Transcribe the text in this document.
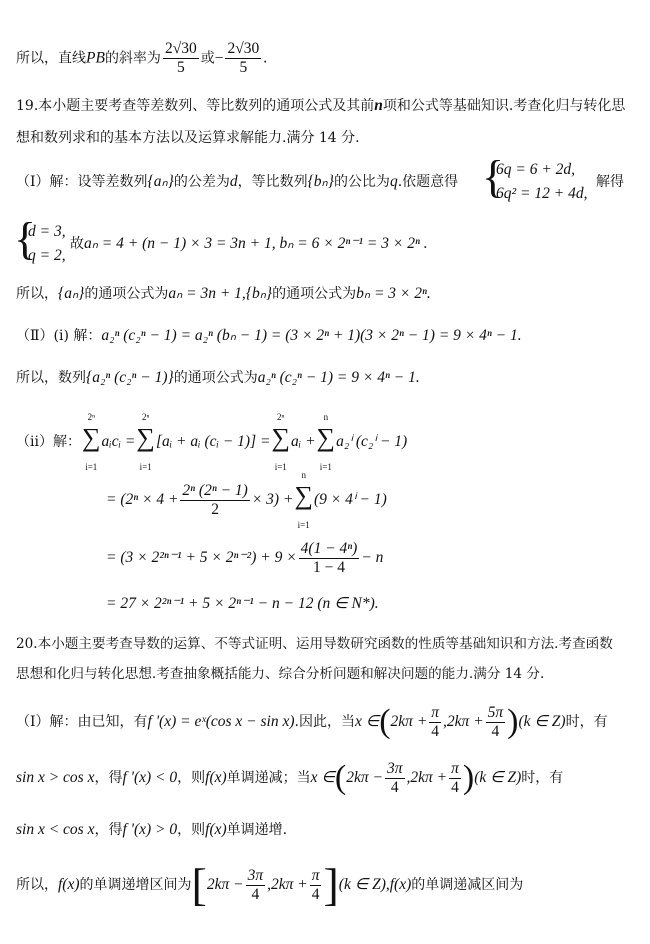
所以，直线PB的斜率为 $\frac{2√30}{5}$ 或− $\frac{2√30}{5}$ .
19.本小题主要考查等差数列、等比数列的通项公式及其前n项和公式等基础知识.考查化归与转化思
想和数列求和的基本方法以及运算求解能力.满分 14 分.
（Ⅰ）解：设等差数列{aₙ}的公差为d，等比数列{bₙ}的公比为q.依题意得 {
6q = 6 + 2d,
6q² = 12 + 4d,
解得
{
d = 3,
q = 2,
故aₙ = 4 + (n − 1) × 3 = 3n + 1, bₙ = 6 × 2ⁿ⁻¹ = 3 × 2ⁿ .
所以，{aₙ}的通项公式为aₙ = 3n + 1,{bₙ}的通项公式为bₙ = 3 × 2ⁿ.
（Ⅱ）(i) 解：a₂ⁿ (c₂ⁿ − 1) = a₂ⁿ (bₙ − 1) = (3 × 2ⁿ + 1)(3 × 2ⁿ − 1) = 9 × 4ⁿ − 1.
所以，数列{a₂ⁿ (c₂ⁿ − 1)}的通项公式为a₂ⁿ (c₂ⁿ − 1) = 9 × 4ⁿ − 1.
（ii）解：
2ⁿ
∑
i=1
aᵢcᵢ =
2ⁿ
∑
i=1
[aᵢ + aᵢ (cᵢ − 1)] =
2ⁿ
∑
i=1
aᵢ +
n
∑
i=1
a₂ⁱ (c₂ⁱ − 1)
= $(2^n \times 4 + \frac{\text{2ⁿ (2ⁿ − 1)}}{2} \times 3)$ +
n
∑
i=1
(9 × 4ⁱ − 1)
= $(3 \times 2^{2n-1} + 5 \times 2^{n-2}) + 9 \times \frac{\text{4(1 − 4ⁿ)}}{1 - 4} - n$
= 27 × 2²ⁿ⁻¹ + 5 × 2ⁿ⁻¹ − n − 12 (n ∈ N*).
20.本小题主要考查导数的运算、不等式证明、运用导数研究函数的性质等基础知识和方法.考查函数
思想和化归与转化思想.考查抽象概括能力、综合分析问题和解决问题的能力.满分 14 分.
（Ⅰ）解：由已知，有f '(x) = eˣ(cos x − sin x).因此，当x ∈(2kπ + $\frac{\pi}{4} ,2k\pi + \frac{5\pi}{4} )(k$ ∈ Z)时，有
sin x > cos x，得f '(x) < 0，则f(x)单调递减；当x ∈(2kπ − $\frac{3\pi}{4} ,2k\pi + \frac{\pi}{4} )(k$ ∈ Z)时，有
sin x < cos x，得f '(x) > 0，则f(x)单调递增.
所以，f(x)的单调递增区间为$[2k\pi - \frac{3\pi}{4} ,2k\pi + \frac{\pi}{4} ](k$ ∈ Z),f(x)的单调递减区间为
